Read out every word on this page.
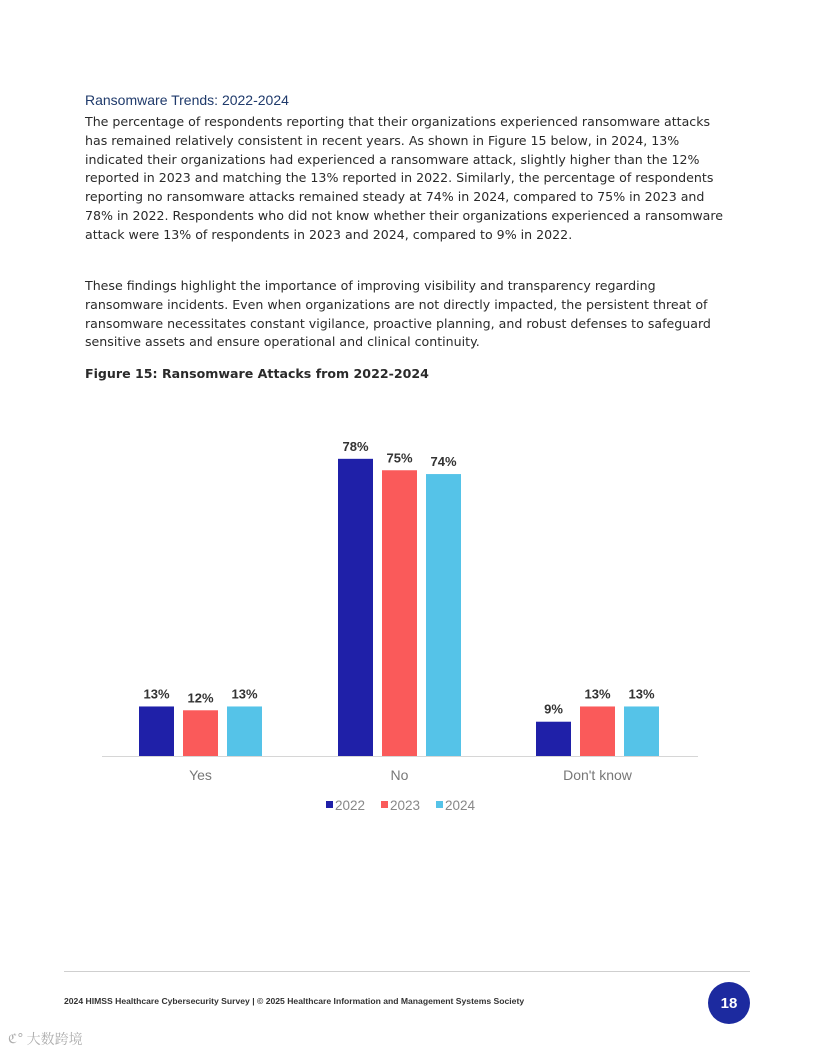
Ransomware Trends: 2022-2024

The percentage of respondents reporting that their organizations experienced ransomware attacks has remained relatively consistent in recent years. As shown in Figure 15 below, in 2024, 13% indicated their organizations had experienced a ransomware attack, slightly higher than the 12% reported in 2023 and matching the 13% reported in 2022. Similarly, the percentage of respondents reporting no ransomware attacks remained steady at 74% in 2024, compared to 75% in 2023 and 78% in 2022. Respondents who did not know whether their organizations experienced a ransomware attack were 13% of respondents in 2023 and 2024, compared to 9% in 2022.

These findings highlight the importance of improving visibility and transparency regarding ransomware incidents. Even when organizations are not directly impacted, the persistent threat of ransomware necessitates constant vigilance, proactive planning, and robust defenses to safeguard sensitive assets and ensure operational and clinical continuity.

Figure 15: Ransomware Attacks from 2022-2024
13% 12% 13%
Yes
78%
75% 74%
No
9%
13% 13%
Don't know
2022 2023 2024
2024 HIMSS Healthcare Cybersecurity Survey | © 2025 Healthcare Information and Management Systems Society	18
ℭ° 大数跨境
